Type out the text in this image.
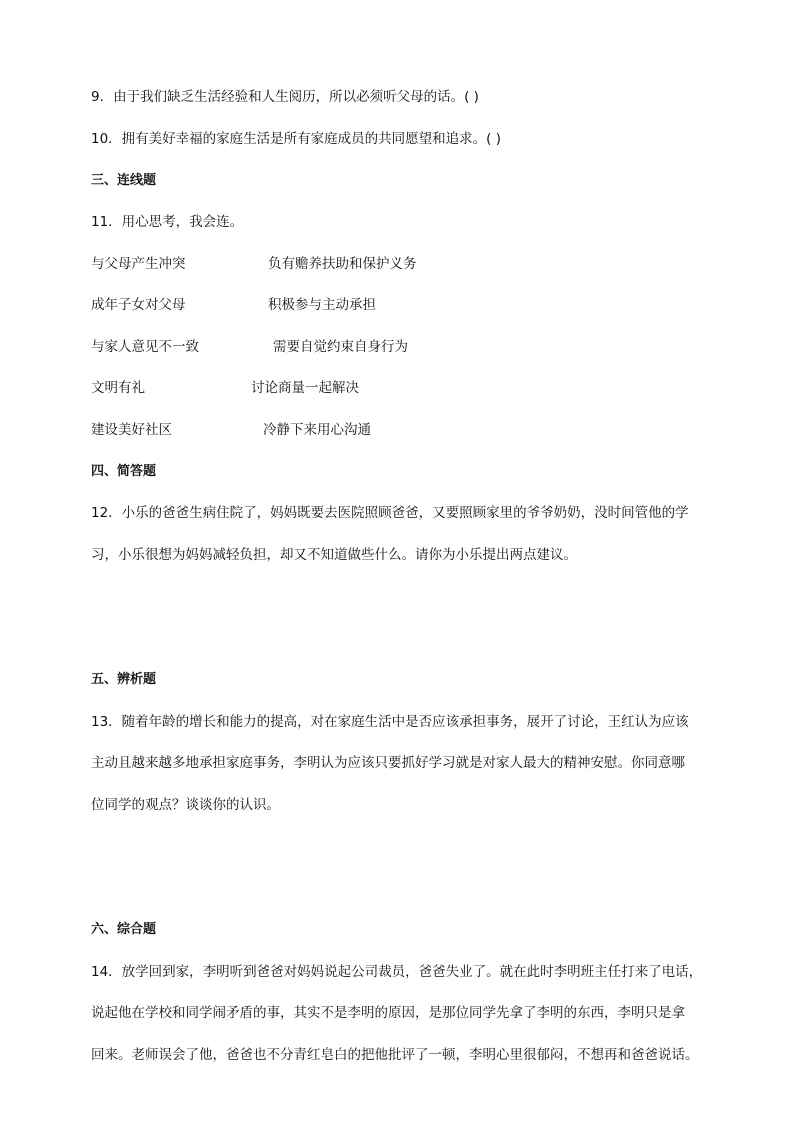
9．由于我们缺乏生活经验和人生阅历，所以必须听父母的话。( )
10．拥有美好幸福的家庭生活是所有家庭成员的共同愿望和追求。( )
三、连线题
11．用心思考，我会连。
与父母产生冲突	负有赡养扶助和保护义务
成年子女对父母	积极参与主动承担
与家人意见不一致	需要自觉约束自身行为
文明有礼	讨论商量一起解决
建设美好社区	冷静下来用心沟通
四、简答题
12．小乐的爸爸生病住院了，妈妈既要去医院照顾爸爸，又要照顾家里的爷爷奶奶，没时间管他的学
习，小乐很想为妈妈减轻负担，却又不知道做些什么。请你为小乐提出两点建议。
五、辨析题
13．随着年龄的增长和能力的提高，对在家庭生活中是否应该承担事务，展开了讨论，王红认为应该
主动且越来越多地承担家庭事务，李明认为应该只要抓好学习就是对家人最大的精神安慰。你同意哪
位同学的观点？谈谈你的认识。
六、综合题
14．放学回到家，李明听到爸爸对妈妈说起公司裁员，爸爸失业了。就在此时李明班主任打来了电话，
说起他在学校和同学闹矛盾的事，其实不是李明的原因，是那位同学先拿了李明的东西，李明只是拿
回来。老师误会了他，爸爸也不分青红皂白的把他批评了一顿，李明心里很郁闷，不想再和爸爸说话。
